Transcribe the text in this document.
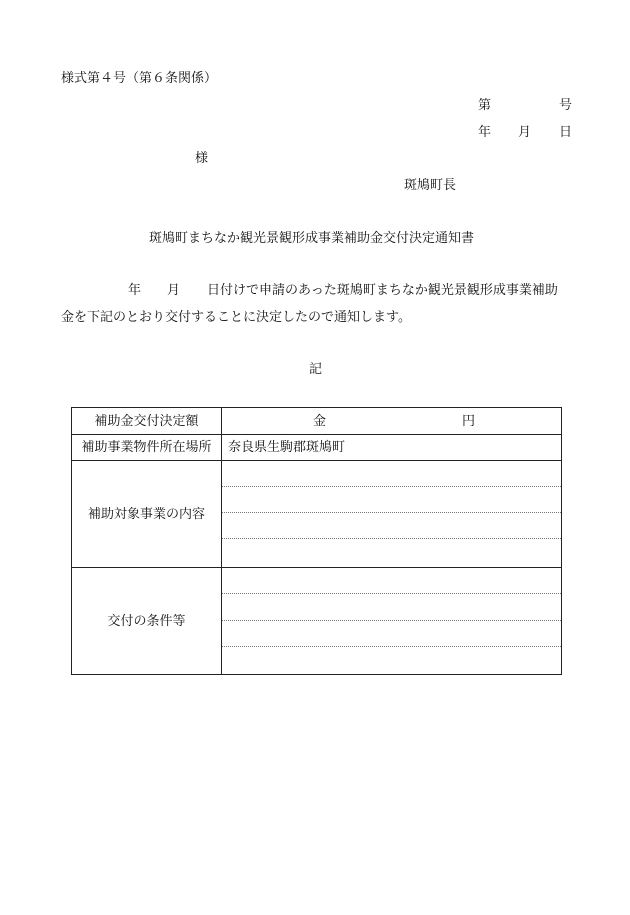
様式第４号（第６条関係）
第	号
年 月 日
様
斑鳩町長
斑鳩町まちなか観光景観形成事業補助金交付決定通知書
年 月 日付けで申請のあった斑鳩町まちなか観光景観形成事業補助
金を下記のとおり交付することに決定したので通知します。
記
補助金交付決定額	金 円

補助事業物件所在場所	奈良県生駒郡斑鳩町
補助対象事業の内容	

交付の条件等	
